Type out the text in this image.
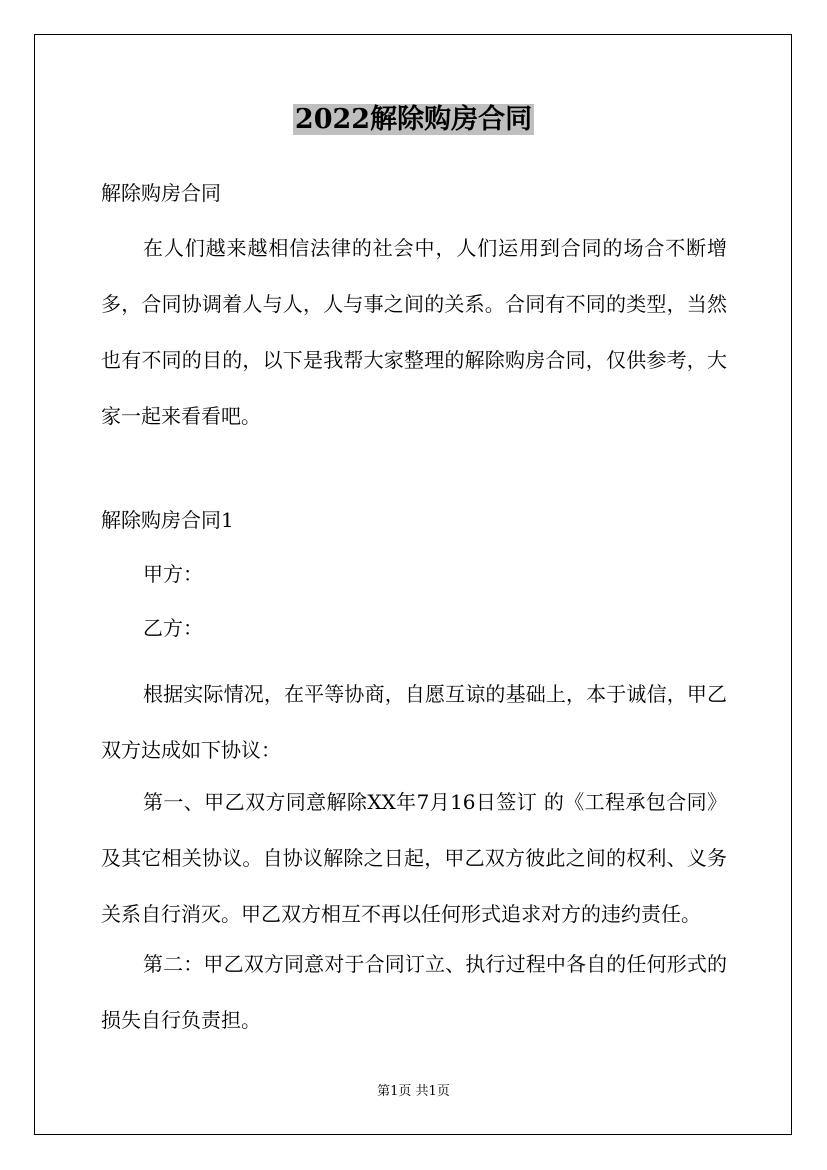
2022解除购房合同
解除购房合同
在人们越来越相信法律的社会中，人们运用到合同的场合不断增多，合同协调着人与人，人与事之间的关系。合同有不同的类型，当然也有不同的目的，以下是我帮大家整理的解除购房合同，仅供参考，大家一起来看看吧。
解除购房合同1
甲方：
乙方：
根据实际情况，在平等协商，自愿互谅的基础上，本于诚信，甲乙双方达成如下协议：
第一、甲乙双方同意解除XX年7月16日签订 的《工程承包合同》及其它相关协议。自协议解除之日起，甲乙双方彼此之间的权利、义务关系自行消灭。甲乙双方相互不再以任何形式追求对方的违约责任。
第二：甲乙双方同意对于合同订立、执行过程中各自的任何形式的损失自行负责担。
第1页 共1页
